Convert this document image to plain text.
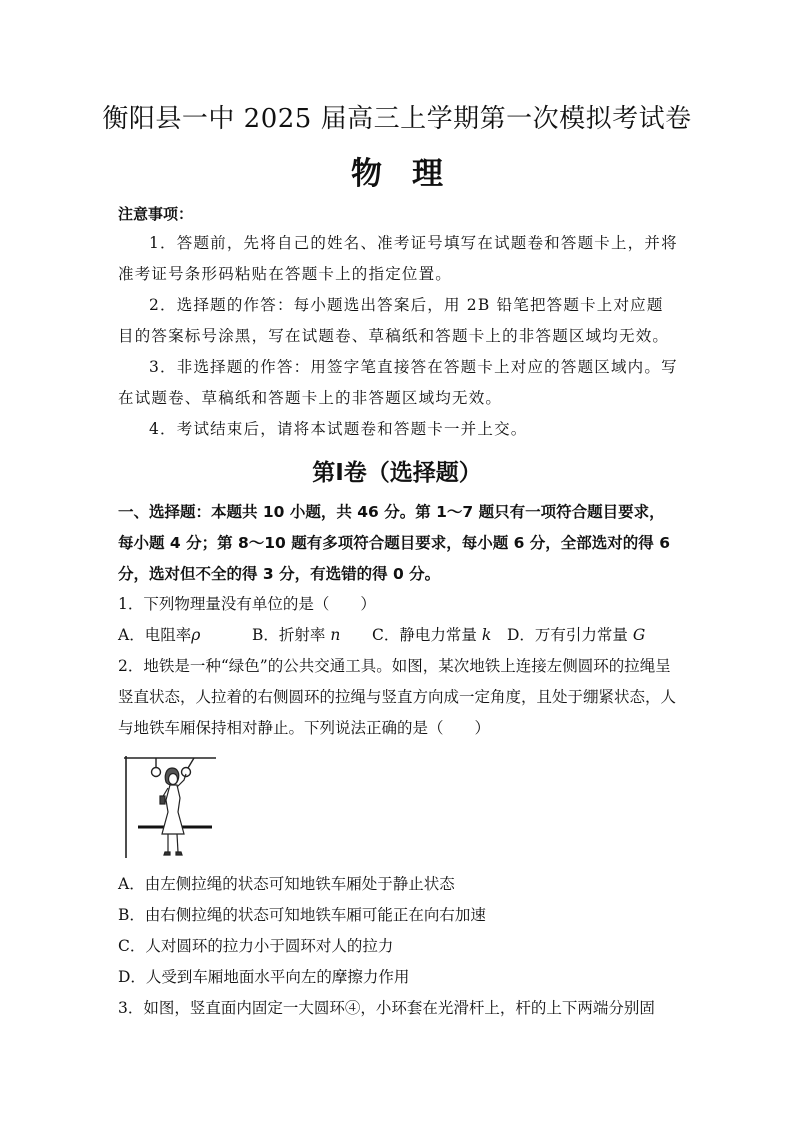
衡阳县一中 2025 届高三上学期第一次模拟考试卷
物理
注意事项：

1．答题前，先将自己的姓名、准考证号填写在试题卷和答题卡上，并将准考证号条形码粘贴在答题卡上的指定位置。

2．选择题的作答：每小题选出答案后，用 2B 铅笔把答题卡上对应题目的答案标号涂黑，写在试题卷、草稿纸和答题卡上的非答题区域均无效。

3．非选择题的作答：用签字笔直接答在答题卡上对应的答题区域内。写在试题卷、草稿纸和答题卡上的非答题区域均无效。

4．考试结束后，请将本试题卷和答题卡一并上交。

第Ⅰ卷（选择题）

一、选择题：本题共 10 小题，共 46 分。第 1～7 题只有一项符合题目要求，每小题 4 分；第 8～10 题有多项符合题目要求，每小题 6 分，全部选对的得 6 分，选对但不全的得 3 分，有选错的得 0 分。

1．下列物理量没有单位的是（　　）

A．电阻率ρ	B．折射率 n C．静电力常量 k D．万有引力常量 G

2．地铁是一种“绿色”的公共交通工具。如图，某次地铁上连接左侧圆环的拉绳呈竖直状态，人拉着的右侧圆环的拉绳与竖直方向成一定角度，且处于绷紧状态，人与地铁车厢保持相对静止。下列说法正确的是（　　）

A．由左侧拉绳的状态可知地铁车厢处于静止状态
B．由右侧拉绳的状态可知地铁车厢可能正在向右加速
C．人对圆环的拉力小于圆环对人的拉力
D．人受到车厢地面水平向左的摩擦力作用
3．如图，竖直面内固定一大圆环④，小环套在光滑杆上，杆的上下两端分别固
